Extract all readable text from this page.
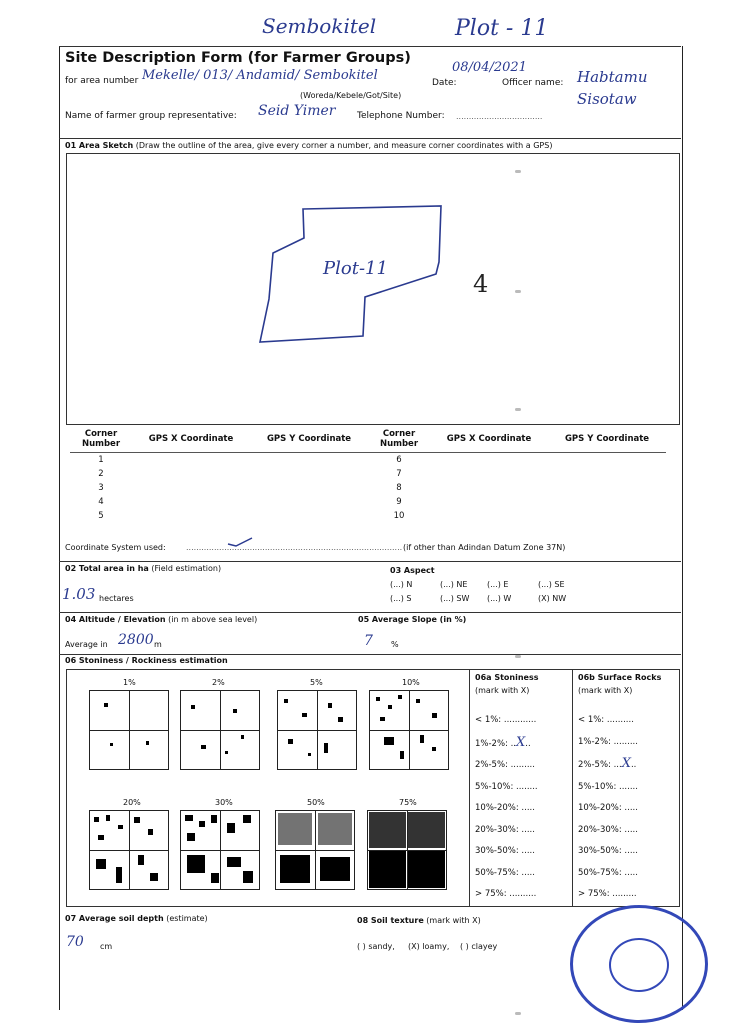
Sembokitel	Plot - 11
Site Description Form (for Farmer Groups)
for area number Mekelle/ 013/ Andamid/ Sembokitel
(Woreda/Kebele/Got/Site)
Date:
08/04/2021
Officer name: Habtamu Sisotaw
Name of farmer group representative: Seid Yimer Telephone Number: ..................................
01 Area Sketch (Draw the outline of the area, give every corner a number, and measure corner coordinates with a GPS)
Plot-11
4
Corner Number	GPS X Coordinate	GPS Y Coordinate	Corner Number	GPS X Coordinate	GPS Y Coordinate
1			6		
2			7		
3			8		
4			9		
5			10		
Coordinate System used:	..................................................................................... (if other than Adindan Datum Zone 37N)
02 Total area in ha (Field estimation)
1.03 hectares
03 Aspect
(...) N	(...) NE (...) E	(...) SE
(...) S	(...) SW (...) W	(X) NW
04 Altitude / Elevation (in m above sea level)
Average in 2800 m
05 Average Slope (in %)
7 %
06 Stoniness / Rockiness estimation
1%	2%	5%	10%
20%	30%	50%	75%
06a Stoniness
(mark with X)
06b Surface Rocks
(mark with X)
< 1%: ............
1%-2%: ..X..
2%-5%: .........
5%-10%: ........
10%-20%: .....
20%-30%: .....
30%-50%: .....
50%-75%: .....
> 75%: ..........
< 1%: ..........
1%-2%: .........
2%-5%: ...X..
5%-10%: .......
10%-20%: .....
20%-30%: .....
30%-50%: .....
50%-75%: .....
> 75%: .........
07 Average soil depth (estimate)
70 cm
08 Soil texture (mark with X)
( ) sandy, (X) loamy, ( ) clayey
